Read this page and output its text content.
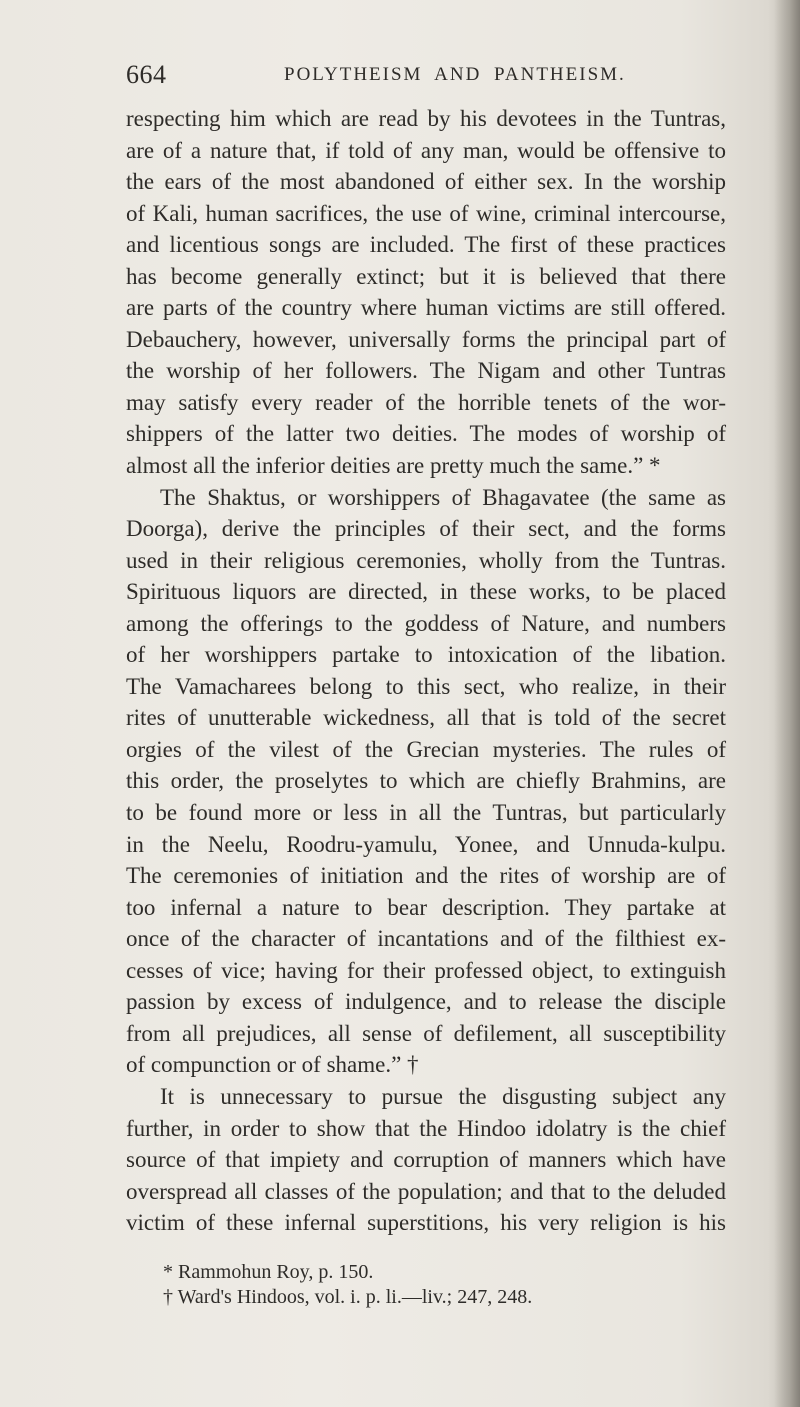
664	POLYTHEISM AND PANTHEISM.
respecting him which are read by his devotees in the Tuntras,
are of a nature that, if told of any man, would be offensive to
the ears of the most abandoned of either sex. In the worship
of Kali, human sacrifices, the use of wine, criminal intercourse,
and licentious songs are included. The first of these practices
has become generally extinct; but it is believed that there
are parts of the country where human victims are still offered.
Debauchery, however, universally forms the principal part of
the worship of her followers. The Nigam and other Tuntras
may satisfy every reader of the horrible tenets of the wor-
shippers of the latter two deities. The modes of worship of
almost all the inferior deities are pretty much the same.” *
The Shaktus, or worshippers of Bhagavatee (the same as
Doorga), derive the principles of their sect, and the forms
used in their religious ceremonies, wholly from the Tuntras.
Spirituous liquors are directed, in these works, to be placed
among the offerings to the goddess of Nature, and numbers
of her worshippers partake to intoxication of the libation.
The Vamacharees belong to this sect, who realize, in their
rites of unutterable wickedness, all that is told of the secret
orgies of the vilest of the Grecian mysteries. The rules of
this order, the proselytes to which are chiefly Brahmins, are
to be found more or less in all the Tuntras, but particularly
in the Neelu, Roodru-yamulu, Yonee, and Unnuda-kulpu.
The ceremonies of initiation and the rites of worship are of
too infernal a nature to bear description. They partake at
once of the character of incantations and of the filthiest ex-
cesses of vice; having for their professed object, to extinguish
passion by excess of indulgence, and to release the disciple
from all prejudices, all sense of defilement, all susceptibility
of compunction or of shame.” †
It is unnecessary to pursue the disgusting subject any
further, in order to show that the Hindoo idolatry is the chief
source of that impiety and corruption of manners which have
overspread all classes of the population; and that to the deluded
victim of these infernal superstitions, his very religion is his
* Rammohun Roy, p. 150.
† Ward's Hindoos, vol. i. p. li.—liv.; 247, 248.
